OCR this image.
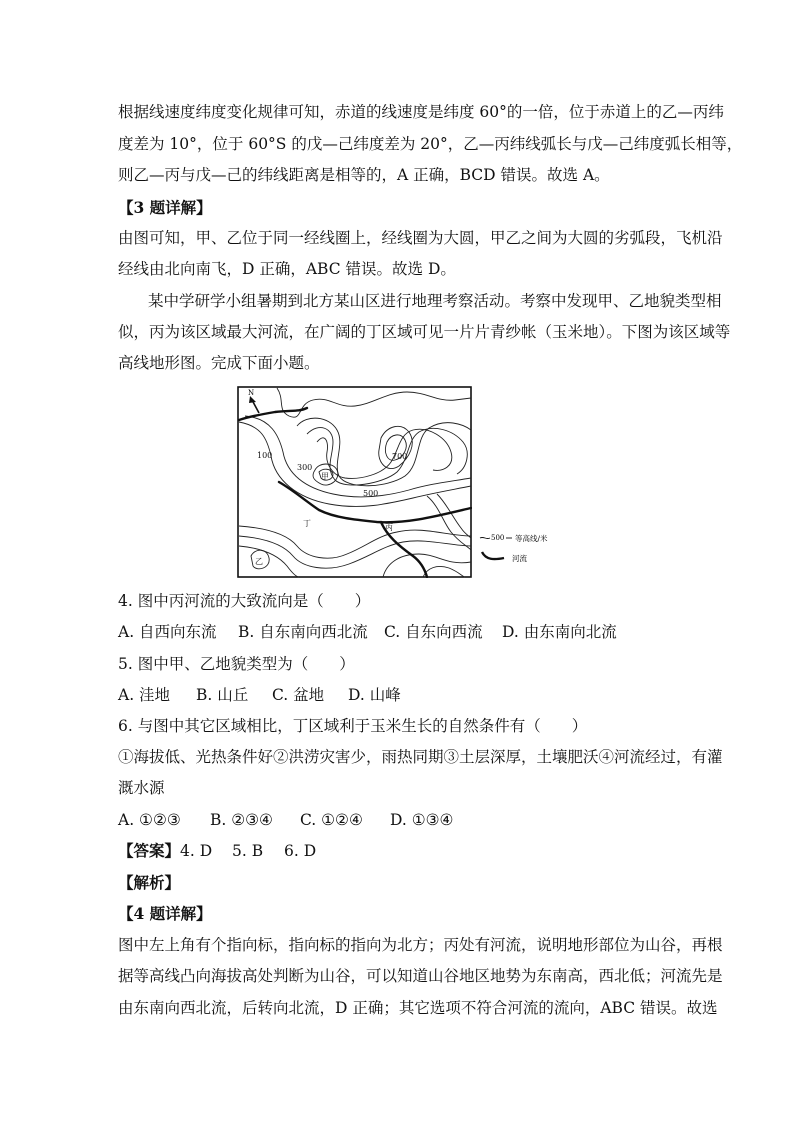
根据线速度纬度变化规律可知，赤道的线速度是纬度 60°的一倍，位于赤道上的乙—丙纬
度差为 10°，位于 60°S 的戊—己纬度差为 20°，乙—丙纬线弧长与戊—己纬度弧长相等，
则乙—丙与戊—己的纬线距离是相等的，A 正确，BCD 错误。故选 A。
【3 题详解】
由图可知，甲、乙位于同一经线圈上，经线圈为大圆，甲乙之间为大圆的劣弧段，飞机沿
经线由北向南飞，D 正确，ABC 错误。故选 D。
某中学研学小组暑期到北方某山区进行地理考察活动。考察中发现甲、乙地貌类型相
似，丙为该区域最大河流，在广阔的丁区域可见一片片青纱帐（玉米地）。下图为该区域等
高线地形图。完成下面小题。
N
100
300
500
700
甲
乙
丁	丙
500 等高线/米
河流
4. 图中丙河流的大致流向是（　　）
A. 自西向东流 B. 自东南向西北流 C. 自东向西流 D. 由东南向北流
5. 图中甲、乙地貌类型为（　　）
A. 洼地 B. 山丘 C. 盆地 D. 山峰
6. 与图中其它区域相比，丁区域利于玉米生长的自然条件有（　　）
①海拔低、光热条件好②洪涝灾害少，雨热同期③土层深厚，土壤肥沃④河流经过，有灌
溉水源
A. ①②③ B. ②③④ C. ①②④ D. ①③④
【答案】4. D 5. B 6. D
【解析】
【4 题详解】
图中左上角有个指向标，指向标的指向为北方；丙处有河流，说明地形部位为山谷，再根
据等高线凸向海拔高处判断为山谷，可以知道山谷地区地势为东南高，西北低；河流先是
由东南向西北流，后转向北流，D 正确；其它选项不符合河流的流向，ABC 错误。故选
